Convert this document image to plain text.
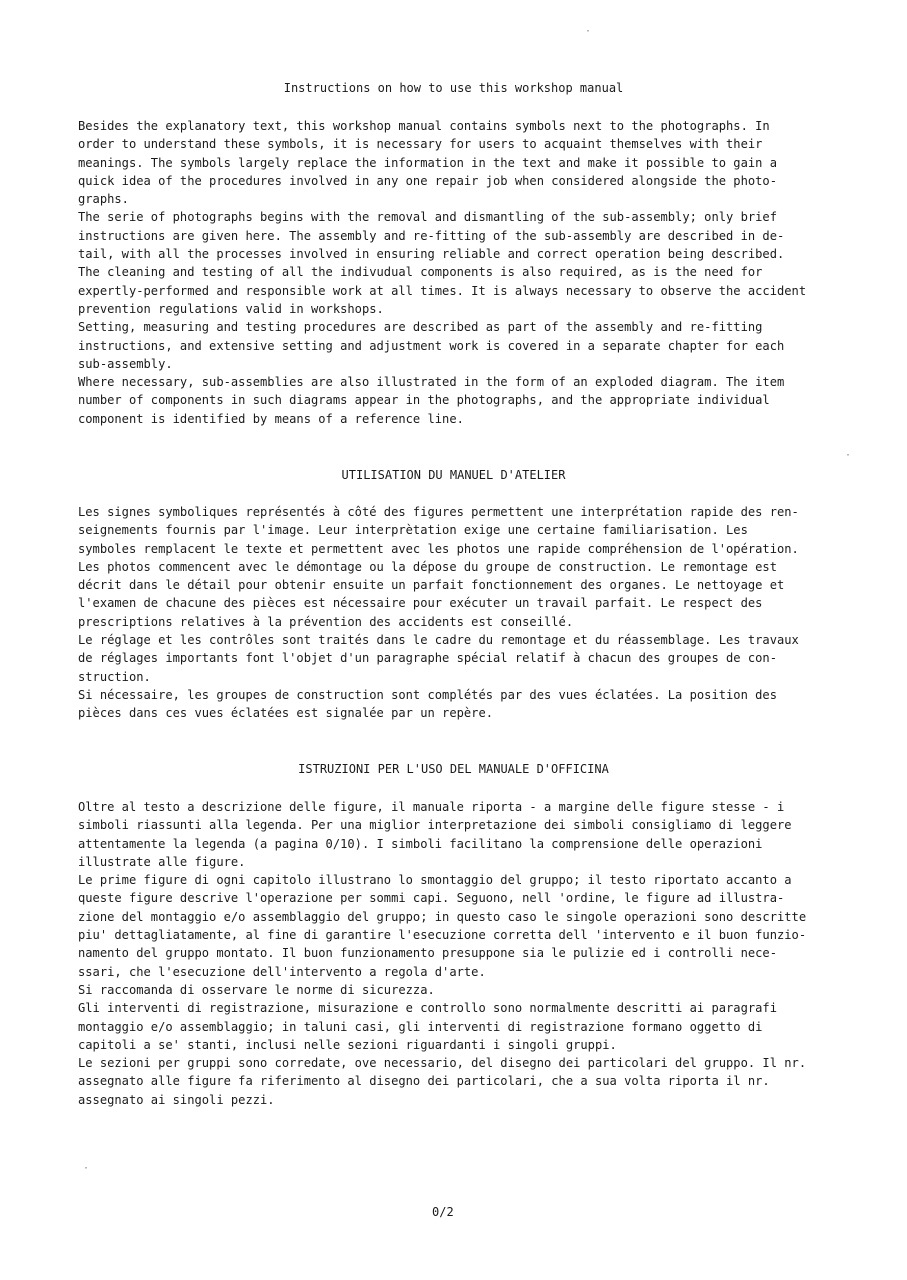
Instructions on how to use this workshop manual
Besides the explanatory text, this workshop manual contains symbols next to the photographs. In
order to understand these symbols, it is necessary for users to acquaint themselves with their
meanings. The symbols largely replace the information in the text and make it possible to gain a
quick idea of the procedures involved in any one repair job when considered alongside the photo-
graphs.
The serie of photographs begins with the removal and dismantling of the sub-assembly; only brief
instructions are given here. The assembly and re-fitting of the sub-assembly are described in de-
tail, with all the processes involved in ensuring reliable and correct operation being described.
The cleaning and testing of all the indivudual components is also required, as is the need for
expertly-performed and responsible work at all times. It is always necessary to observe the accident
prevention regulations valid in workshops.
Setting, measuring and testing procedures are described as part of the assembly and re-fitting
instructions, and extensive setting and adjustment work is covered in a separate chapter for each
sub-assembly.
Where necessary, sub-assemblies are also illustrated in the form of an exploded diagram. The item
number of components in such diagrams appear in the photographs, and the appropriate individual
component is identified by means of a reference line.
UTILISATION DU MANUEL D'ATELIER
Les signes symboliques représentés à côté des figures permettent une interprétation rapide des ren-
seignements fournis par l'image. Leur interprètation exige une certaine familiarisation. Les
symboles remplacent le texte et permettent avec les photos une rapide compréhension de l'opération.
Les photos commencent avec le démontage ou la dépose du groupe de construction. Le remontage est
décrit dans le détail pour obtenir ensuite un parfait fonctionnement des organes. Le nettoyage et
l'examen de chacune des pièces est nécessaire pour exécuter un travail parfait. Le respect des
prescriptions relatives à la prévention des accidents est conseillé.
Le réglage et les contrôles sont traités dans le cadre du remontage et du réassemblage. Les travaux
de réglages importants font l'objet d'un paragraphe spécial relatif à chacun des groupes de con-
struction.
Si nécessaire, les groupes de construction sont complétés par des vues éclatées. La position des
pièces dans ces vues éclatées est signalée par un repère.
ISTRUZIONI PER L'USO DEL MANUALE D'OFFICINA
Oltre al testo a descrizione delle figure, il manuale riporta - a margine delle figure stesse - i
simboli riassunti alla legenda. Per una miglior interpretazione dei simboli consigliamo di leggere
attentamente la legenda (a pagina 0/10). I simboli facilitano la comprensione delle operazioni
illustrate alle figure.
Le prime figure di ogni capitolo illustrano lo smontaggio del gruppo; il testo riportato accanto a
queste figure descrive l'operazione per sommi capi. Seguono, nell 'ordine, le figure ad illustra-
zione del montaggio e/o assemblaggio del gruppo; in questo caso le singole operazioni sono descritte
piu' dettagliatamente, al fine di garantire l'esecuzione corretta dell 'intervento e il buon funzio-
namento del gruppo montato. Il buon funzionamento presuppone sia le pulizie ed i controlli nece-
ssari, che l'esecuzione dell'intervento a regola d'arte.
Si raccomanda di osservare le norme di sicurezza.
Gli interventi di registrazione, misurazione e controllo sono normalmente descritti ai paragrafi
montaggio e/o assemblaggio; in taluni casi, gli interventi di registrazione formano oggetto di
capitoli a se' stanti, inclusi nelle sezioni riguardanti i singoli gruppi.
Le sezioni per gruppi sono corredate, ove necessario, del disegno dei particolari del gruppo. Il nr.
assegnato alle figure fa riferimento al disegno dei particolari, che a sua volta riporta il nr.
assegnato ai singoli pezzi.
0/2
·
·
·
